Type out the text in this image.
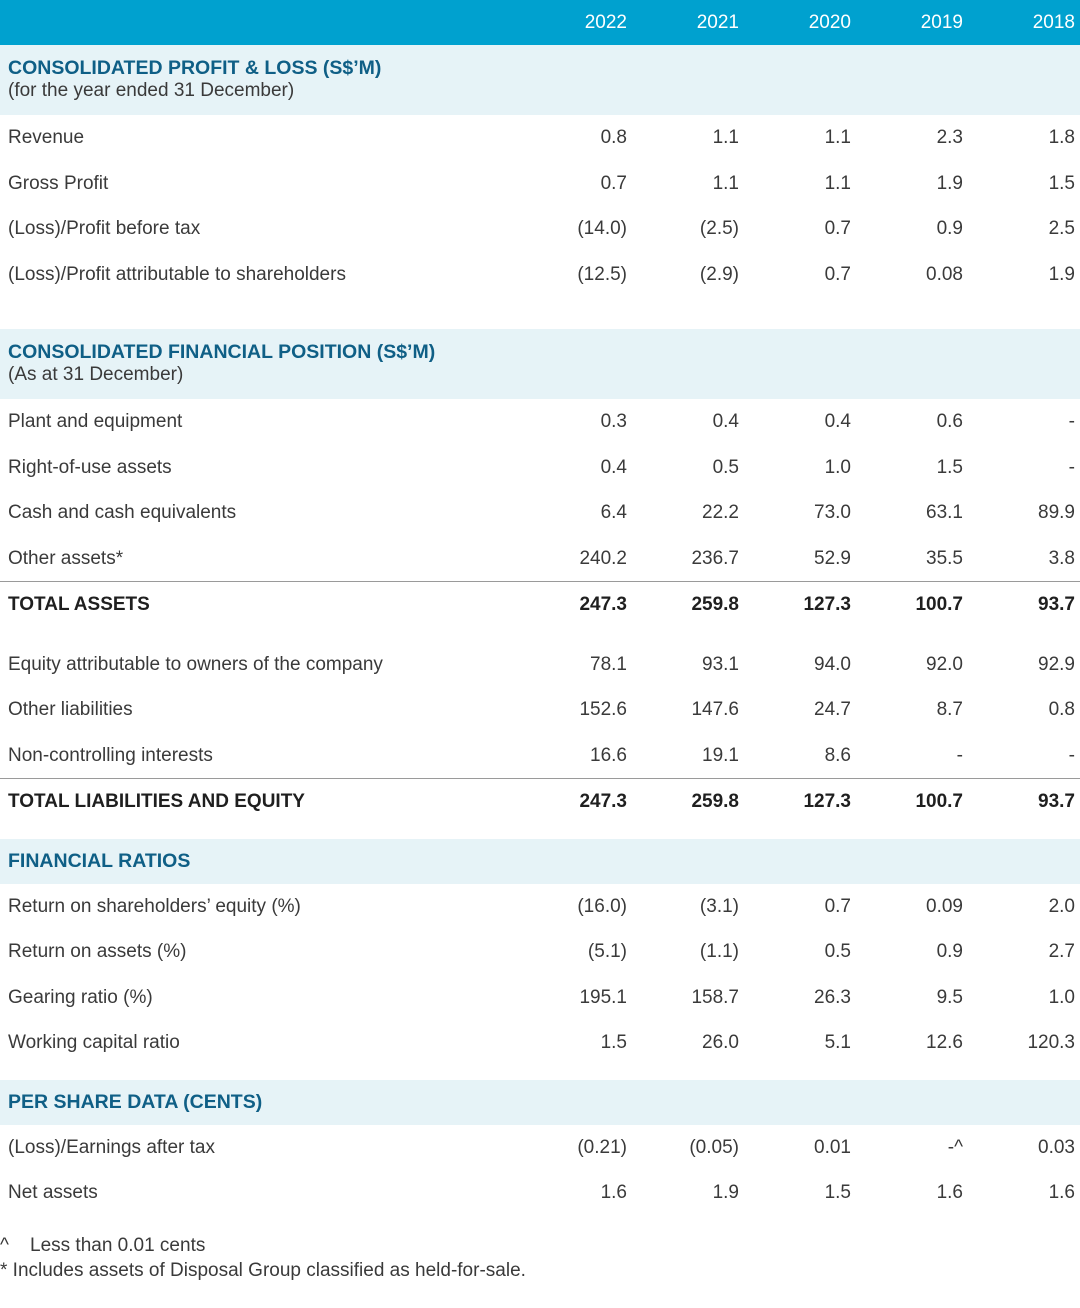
2022	2021	2020	2019	2018
CONSOLIDATED PROFIT & LOSS (S$’M)
(for the year ended 31 December)
Revenue	0.8	1.1	1.1	2.3	1.8
Gross Profit	0.7	1.1	1.1	1.9	1.5
(Loss)/Profit before tax	(14.0)	(2.5)	0.7	0.9	2.5
(Loss)/Profit attributable to shareholders	(12.5)	(2.9)	0.7	0.08	1.9
CONSOLIDATED FINANCIAL POSITION (S$’M)
(As at 31 December)
Plant and equipment	0.3	0.4	0.4	0.6	-
Right-of-use assets	0.4	0.5	1.0	1.5	-
Cash and cash equivalents	6.4	22.2	73.0	63.1	89.9
Other assets*	240.2	236.7	52.9	35.5	3.8
TOTAL ASSETS	247.3	259.8	127.3	100.7	93.7
Equity attributable to owners of the company	78.1	93.1	94.0	92.0	92.9
Other liabilities	152.6	147.6	24.7	8.7	0.8
Non-controlling interests	16.6	19.1	8.6	-	-
TOTAL LIABILITIES AND EQUITY	247.3	259.8	127.3	100.7	93.7
FINANCIAL RATIOS
Return on shareholders’ equity (%)	(16.0)	(3.1)	0.7	0.09	2.0
Return on assets (%)	(5.1)	(1.1)	0.5	0.9	2.7
Gearing ratio (%)	195.1	158.7	26.3	9.5	1.0
Working capital ratio	1.5	26.0	5.1	12.6	120.3
PER SHARE DATA (CENTS)
(Loss)/Earnings after tax	(0.21)	(0.05)	0.01	-^	0.03
Net assets	1.6	1.9	1.5	1.6	1.6
^ Less than 0.01 cents
* Includes assets of Disposal Group classified as held-for-sale.
